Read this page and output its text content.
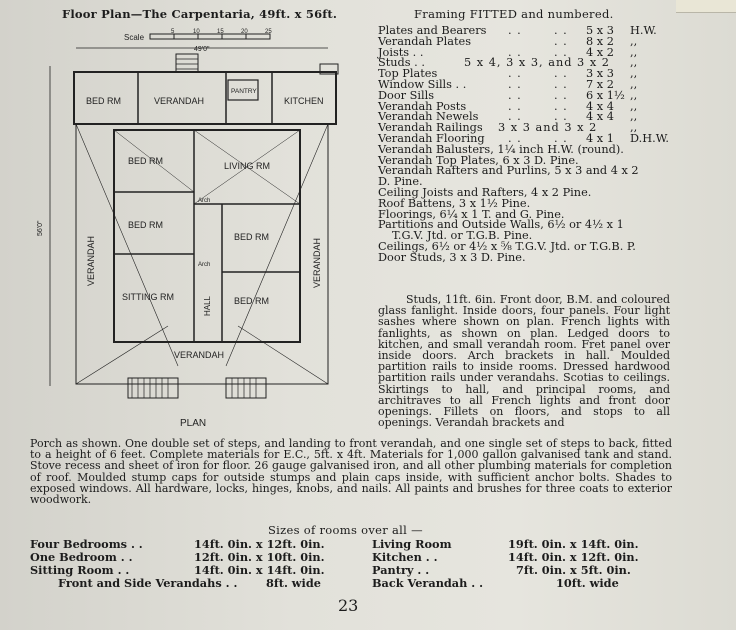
Floor Plan—The Carpentaria, 49ft. x 56ft.	Framing FITTED and numbered.
Scale
5	10	15	20	25
49'0"
56'0"
BED RM	VERANDAH
PANTRY
KITCHEN
BED RM	LIVING RM
BED RM
BED RM
SITTING RM	HALL BED RM
Arch
Arch
VERANDAH	VERANDAH
VERANDAH
PLAN
Plates and Bearers . .	. . 5 x 3 H.W.
Verandah Plates	. . 8 x 2 ,,
Joists . .	. .	. . 4 x 2 ,,
Studs . .	5 x 4, 3 x 3, and 3 x 2 ,,
Top Plates	. .	. . 3 x 3 ,,
Window Sills . .	. .	. . 7 x 2 ,,
Door Sills	. .	. . 6 x 1½ ,,
Verandah Posts	. .	. . 4 x 4 ,,
Verandah Newels	. .	. . 4 x 4 ,,
Verandah Railings 3 x 3 and 3 x 2	,,
Verandah Flooring . .	. . 4 x 1 D.H.W.
Verandah Balusters, 1¼ inch H.W. (round).
Verandah Top Plates, 6 x 3 D. Pine.
Verandah Rafters and Purlins, 5 x 3 and 4 x 2
D. Pine.
Ceiling Joists and Rafters, 4 x 2 Pine.
Roof Battens, 3 x 1½ Pine.
Floorings, 6¼ x 1 T. and G. Pine.
Partitions and Outside Walls, 6½ or 4½ x 1
T.G.V. Jtd. or T.G.B. Pine.
Ceilings, 6½ or 4½ x ⅝ T.G.V. Jtd. or T.G.B. P.
Door Studs, 3 x 3 D. Pine.

Studs, 11ft. 6in. Front door, B.M. and coloured glass fanlight. Inside doors, four panels. Four light sashes where shown on plan. French lights with fanlights, as shown on plan. Ledged doors to kitchen, and small verandah room. Fret panel over inside doors. Arch brackets in hall. Moulded partition rails to inside rooms. Dressed hardwood partition rails under verandahs. Scotias to ceilings. Skirtings to hall, and principal rooms, and architraves to all French lights and front door openings. Fillets on floors, and stops to all openings. Verandah brackets and

Porch as shown. One double set of steps, and landing to front verandah, and one single set of steps to back, fitted to a height of 6 feet. Complete materials for E.C., 5ft. x 4ft. Materials for 1,000 gallon galvanised tank and stand. Stove recess and sheet of iron for floor. 26 gauge galvanised iron, and all other plumbing materials for completion of roof. Moulded stump caps for outside stumps and plain caps inside, with sufficient anchor bolts. Shades to exposed windows. All hardware, locks, hinges, knobs, and nails. All paints and brushes for three coats to exterior woodwork.

Sizes of rooms over all —
Four Bedrooms . .	14ft. 0in. x 12ft. 0in.
One Bedroom . .	12ft. 0in. x 10ft. 0in.
Sitting Room . .	14ft. 0in. x 14ft. 0in.
Living Room	19ft. 0in. x 14ft. 0in.
Kitchen . .	14ft. 0in. x 12ft. 0in.
Pantry . .	7ft. 0in. x 5ft. 0in.
Front and Side Verandahs . .	8ft. wide	Back Verandah . .	10ft. wide
23
